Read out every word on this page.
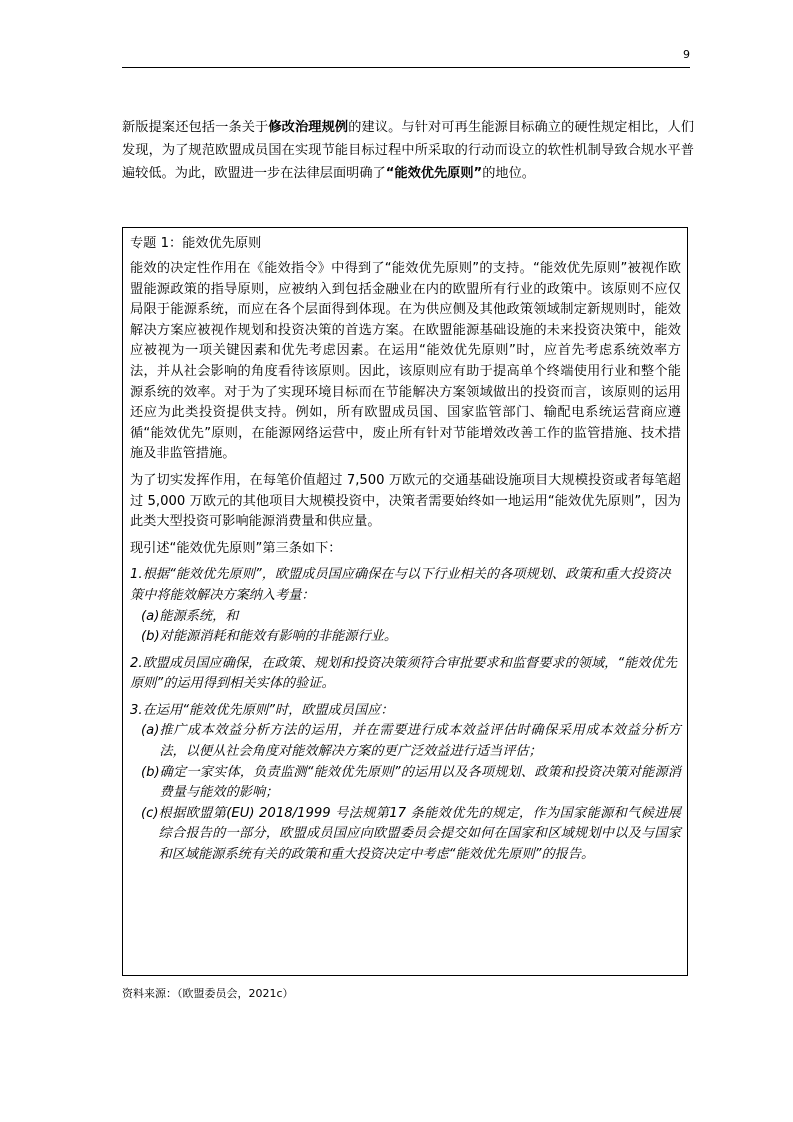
9
新版提案还包括一条关于修改治理规例的建议。与针对可再生能源目标确立的硬性规定相比，人们发现，为了规范欧盟成员国在实现节能目标过程中所采取的行动而设立的软性机制导致合规水平普遍较低。为此，欧盟进一步在法律层面明确了“能效优先原则”的地位。
专题 1：能效优先原则

能效的决定性作用在《能效指令》中得到了“能效优先原则”的支持。“能效优先原则”被视作欧盟能源政策的指导原则，应被纳入到包括金融业在内的欧盟所有行业的政策中。该原则不应仅局限于能源系统，而应在各个层面得到体现。在为供应侧及其他政策领域制定新规则时，能效解决方案应被视作规划和投资决策的首选方案。在欧盟能源基础设施的未来投资决策中，能效应被视为一项关键因素和优先考虑因素。在运用“能效优先原则”时，应首先考虑系统效率方法，并从社会影响的角度看待该原则。因此，该原则应有助于提高单个终端使用行业和整个能源系统的效率。对于为了实现环境目标而在节能解决方案领域做出的投资而言，该原则的运用还应为此类投资提供支持。例如，所有欧盟成员国、国家监管部门、输配电系统运营商应遵循“能效优先”原则，在能源网络运营中，废止所有针对节能增效改善工作的监管措施、技术措施及非监管措施。

为了切实发挥作用，在每笔价值超过 7,500 万欧元的交通基础设施项目大规模投资或者每笔超过 5,000 万欧元的其他项目大规模投资中，决策者需要始终如一地运用“能效优先原则”，因为此类大型投资可影响能源消费量和供应量。

现引述“能效优先原则”第三条如下：

1.根据“能效优先原则”，欧盟成员国应确保在与以下行业相关的各项规划、政策和重大投资决策中将能效解决方案纳入考量：
(a) 能源系统，和
(b) 对能源消耗和能效有影响的非能源行业。
2.欧盟成员国应确保，在政策、规划和投资决策须符合审批要求和监督要求的领域，“能效优先原则”的运用得到相关实体的验证。
3.在运用“能效优先原则”时，欧盟成员国应：
(a) 推广成本效益分析方法的运用，并在需要进行成本效益评估时确保采用成本效益分析方法，以便从社会角度对能效解决方案的更广泛效益进行适当评估；
(b) 确定一家实体，负责监测“能效优先原则”的运用以及各项规划、政策和投资决策对能源消费量与能效的影响；
(c) 根据欧盟第(EU) 2018/1999 号法规第17 条能效优先的规定，作为国家能源和气候进展综合报告的一部分，欧盟成员国应向欧盟委员会提交如何在国家和区域规划中以及与国家和区域能源系统有关的政策和重大投资决定中考虑“能效优先原则”的报告。
资料来源：（欧盟委员会，2021c）
